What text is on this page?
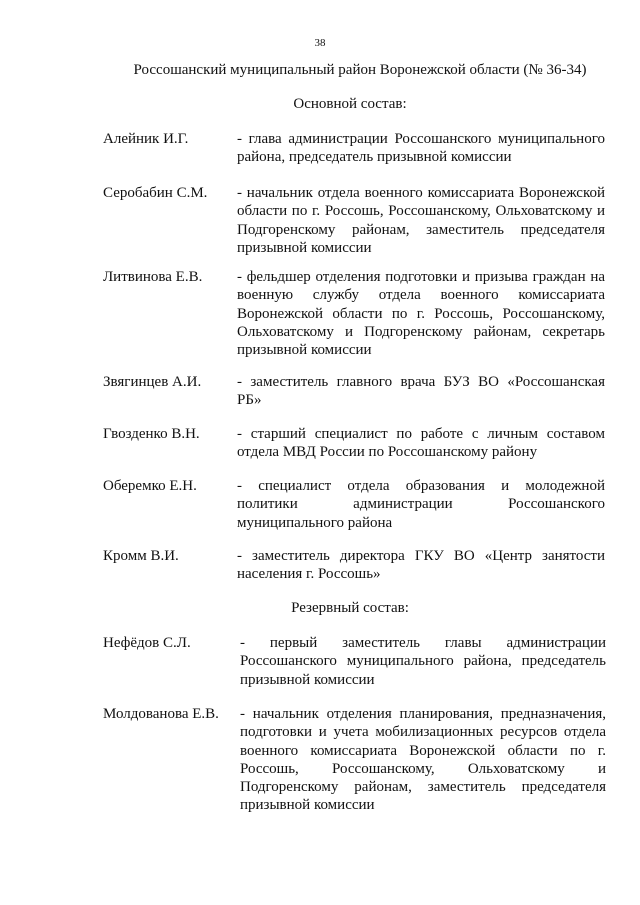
38
Россошанский муниципальный район Воронежской области (№ 36-34)
Основной состав:
Алейник И.Г.	- глава администрации Россошанского муниципального района, председатель призывной комиссии
Серобабин С.М. - начальник отдела военного комиссариата Воронежской области по г. Россошь, Россошанскому, Ольховатскому и Подгоренскому районам, заместитель председателя призывной комиссии
Литвинова Е.В. - фельдшер отделения подготовки и призыва граждан на военную службу отдела военного комиссариата Воронежской области по г. Россошь, Россошанскому, Ольховатскому и Подгоренскому районам, секретарь призывной комиссии
Звягинцев А.И. - заместитель главного врача БУЗ ВО «Россошанская РБ»
Гвозденко В.Н. - старший специалист по работе с личным составом отдела МВД России по Россошанскому району
Оберемко Е.Н.	- специалист отдела образования и молодежной политики администрации Россошанского муниципального района
Кромм В.И.	- заместитель директора ГКУ ВО «Центр занятости населения г. Россошь»
Резервный состав:
Нефёдов С.Л.	- первый заместитель главы администрации Россошанского муниципального района, председатель призывной комиссии
Молдованова Е.В. - начальник отделения планирования, предназначения, подготовки и учета мобилизационных ресурсов отдела военного комиссариата Воронежской области по г. Россошь, Россошанскому, Ольховатскому и Подгоренскому районам, заместитель председателя призывной комиссии
